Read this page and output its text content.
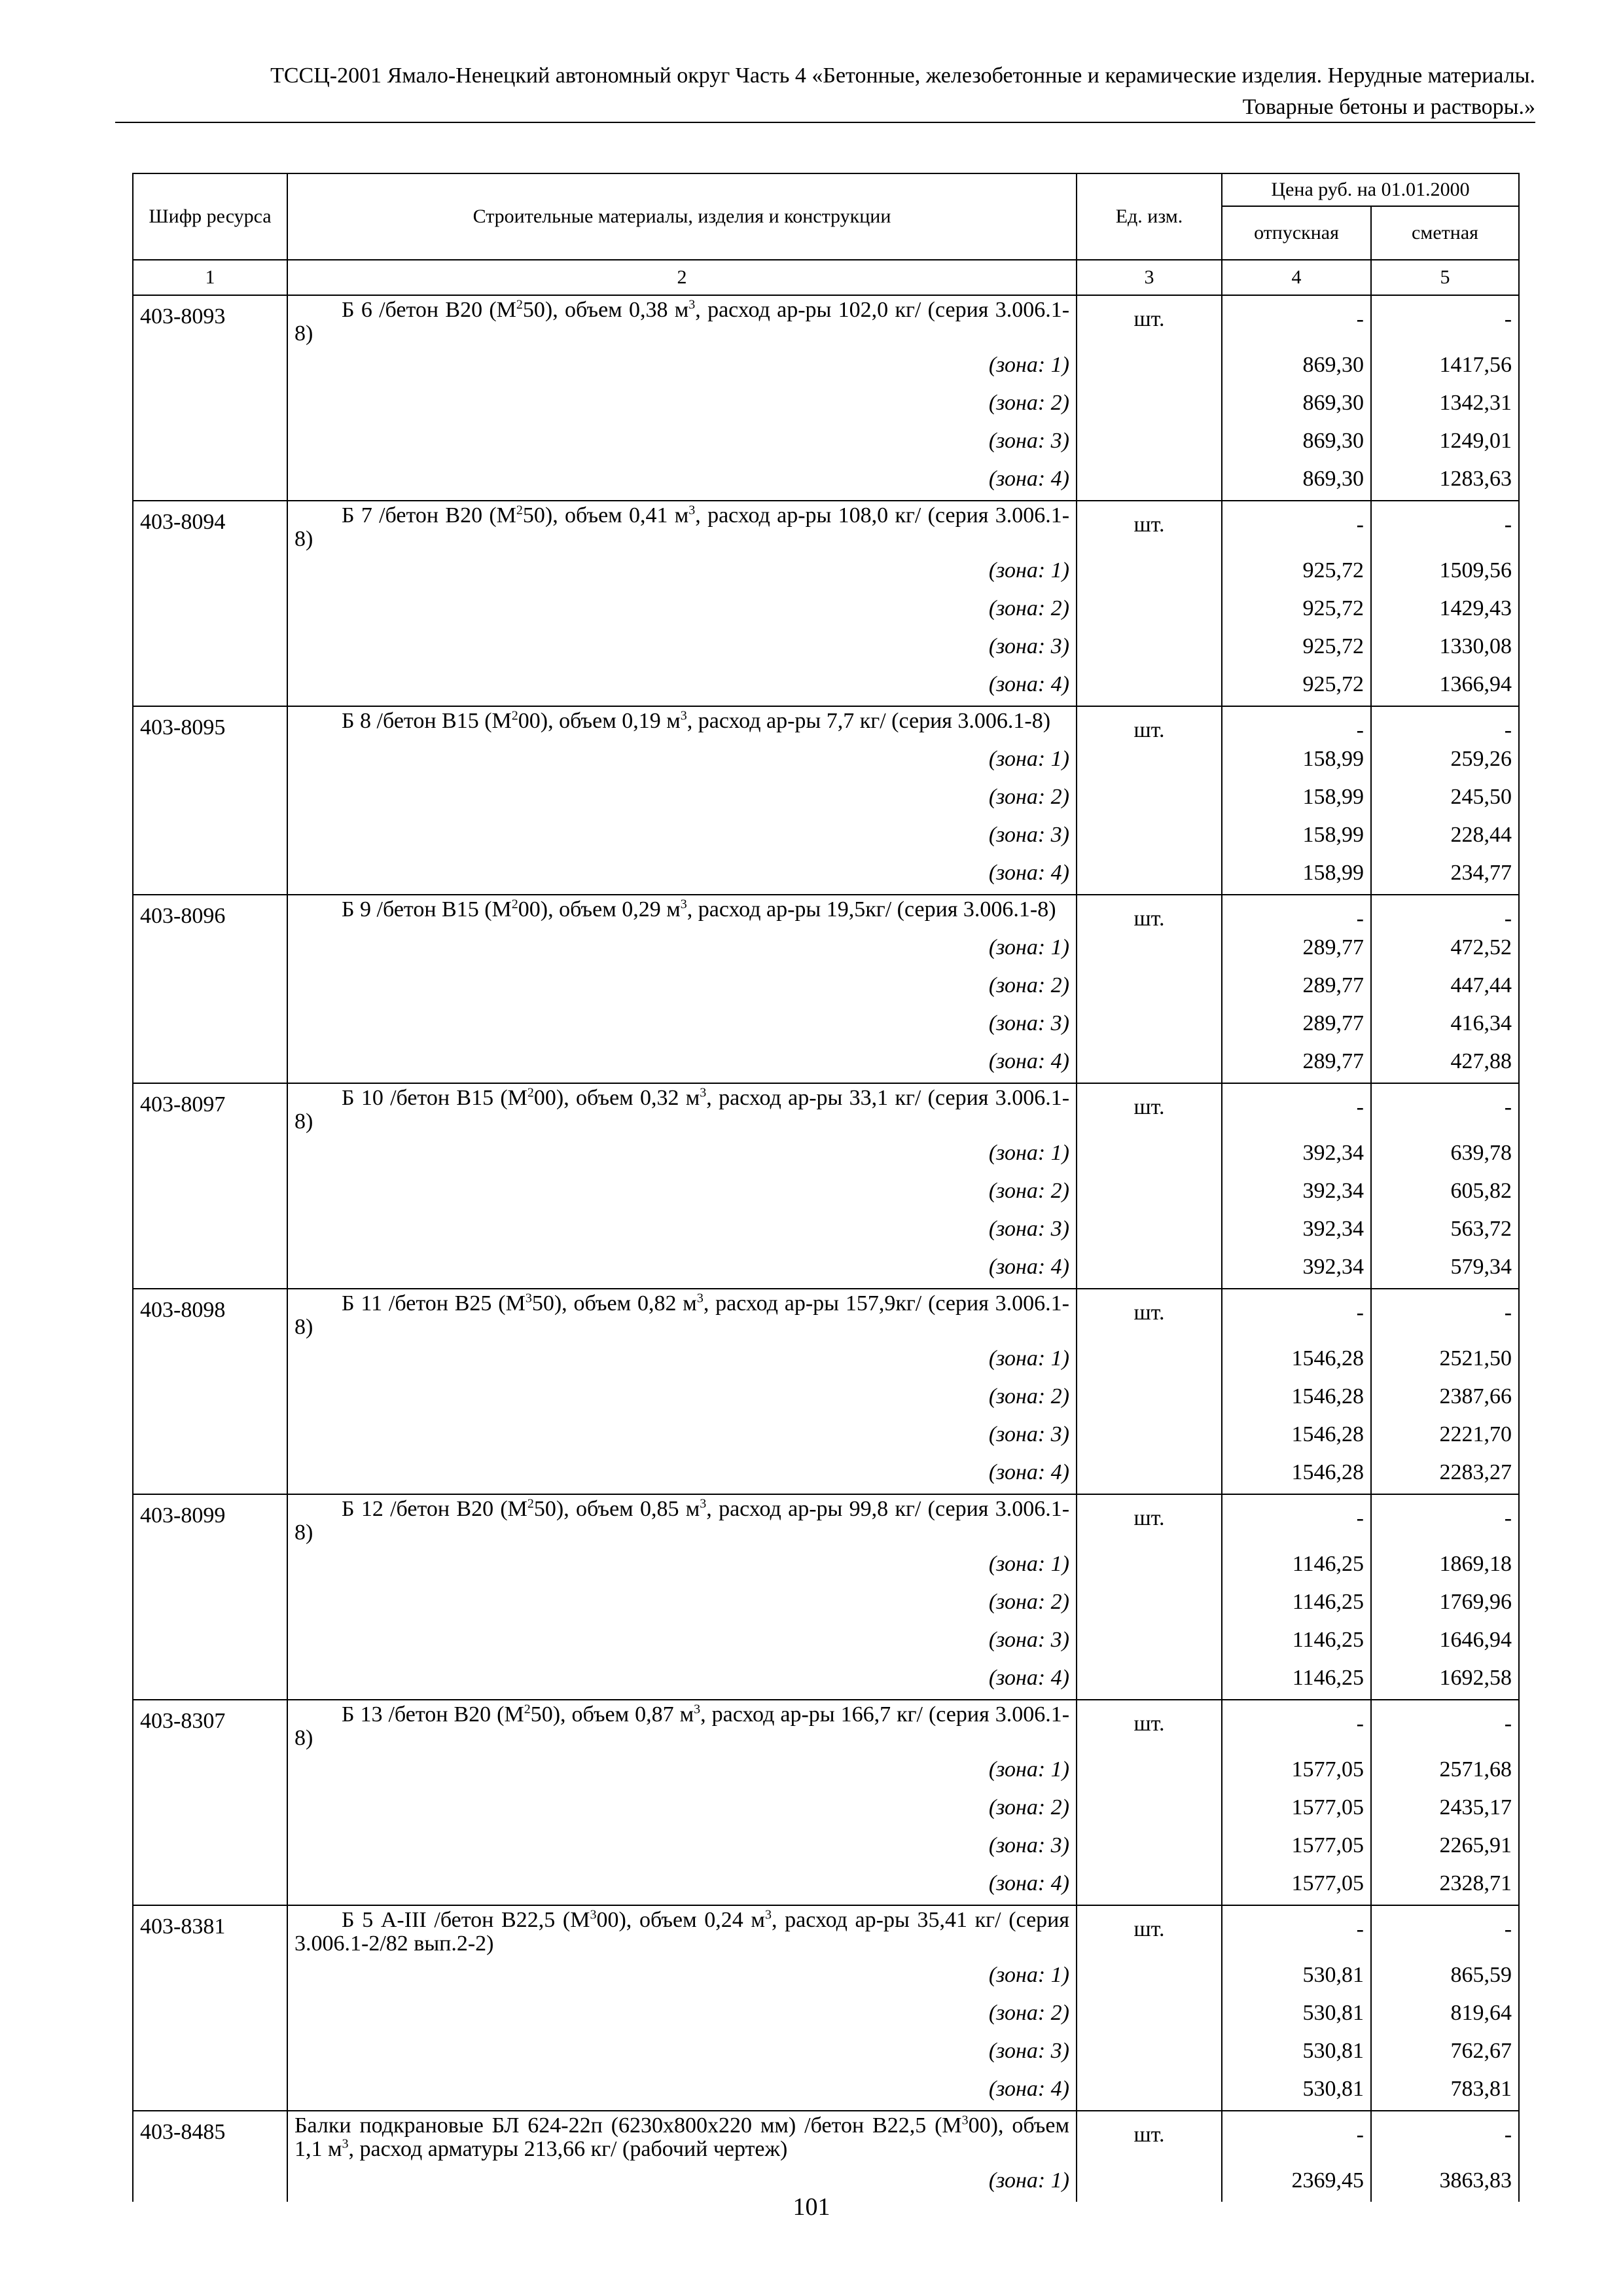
ТССЦ-2001 Ямало-Ненецкий автономный округ Часть 4 «Бетонные, железобетонные и керамические изделия. Нерудные материалы.
Товарные бетоны и растворы.»
Шифр ресурса	Строительные материалы, изделия и конструкции	Ед. изм.	Цена руб. на 01.01.2000	
			отпускная	сметная
1	2	3	4	5
403-8093	Б 6 /бетон В20 $(М^250)$, объем 0,38 $м^3$, расход ар-ры 102,0 кг/ (серия 3.006.1-8)	шт.	-	-
	(зона: 1)		869,30	1417,56
	(зона: 2)		869,30	1342,31
	(зона: 3)		869,30	1249,01
	(зона: 4)		869,30	1283,63
403-8094	Б 7 /бетон В20 $(М^250)$, объем 0,41 $м^3$, расход ар-ры 108,0 кг/ (серия 3.006.1-8)	шт.	-	-
	(зона: 1)		925,72	1509,56
	(зона: 2)		925,72	1429,43
	(зона: 3)		925,72	1330,08
	(зона: 4)		925,72	1366,94
403-8095	Б 8 /бетон В15 $(М^200)$, объем 0,19 $м^3$, расход ар-ры 7,7 кг/ (серия 3.006.1-8)	шт.	-	-
	(зона: 1)		158,99	259,26
	(зона: 2)		158,99	245,50
	(зона: 3)		158,99	228,44
	(зона: 4)		158,99	234,77
403-8096	Б 9 /бетон В15 $(М^200)$, объем 0,29 $м^3$, расход ар-ры 19,5кг/ (серия 3.006.1-8)	шт.	-	-
	(зона: 1)		289,77	472,52
	(зона: 2)		289,77	447,44
	(зона: 3)		289,77	416,34
	(зона: 4)		289,77	427,88
403-8097	Б 10 /бетон В15 $(М^200)$, объем 0,32 $м^3$, расход ар-ры 33,1 кг/ (серия 3.006.1-8)	шт.	-	-
	(зона: 1)		392,34	639,78
	(зона: 2)		392,34	605,82
	(зона: 3)		392,34	563,72
	(зона: 4)		392,34	579,34
403-8098	Б 11 /бетон В25 $(М^350)$, объем 0,82 $м^3$, расход ар-ры 157,9кг/ (серия 3.006.1-8)	шт.	-	-
	(зона: 1)		1546,28	2521,50
	(зона: 2)		1546,28	2387,66
	(зона: 3)		1546,28	2221,70
	(зона: 4)		1546,28	2283,27
403-8099	Б 12 /бетон В20 $(М^250)$, объем 0,85 $м^3$, расход ар-ры 99,8 кг/ (серия 3.006.1-8)	шт.	-	-
	(зона: 1)		1146,25	1869,18
	(зона: 2)		1146,25	1769,96
	(зона: 3)		1146,25	1646,94
	(зона: 4)		1146,25	1692,58
403-8307	Б 13 /бетон В20 $(М^250)$, объем 0,87 $м^3$, расход ар-ры 166,7 кг/ (серия 3.006.1-8)	шт.	-	-
	(зона: 1)		1577,05	2571,68
	(зона: 2)		1577,05	2435,17
	(зона: 3)		1577,05	2265,91
	(зона: 4)		1577,05	2328,71
403-8381	Б 5 А-III /бетон В22,5 $(М^300)$, объем 0,24 $м^3$, расход ар-ры 35,41 кг/ (серия 3.006.1-2/82 вып.2-2)	шт.	-	-
	(зона: 1)		530,81	865,59
	(зона: 2)		530,81	819,64
	(зона: 3)		530,81	762,67
	(зона: 4)		530,81	783,81
403-8485	Балки подкрановые БЛ 624-22п (6230х800х220 мм) /бетон В22,5 $(М^300)$, объем 1,1 $м^3$, расход арматуры 213,66 кг/ (рабочий чертеж)	шт.	-	-
	(зона: 1)		2369,45	3863,83
101
